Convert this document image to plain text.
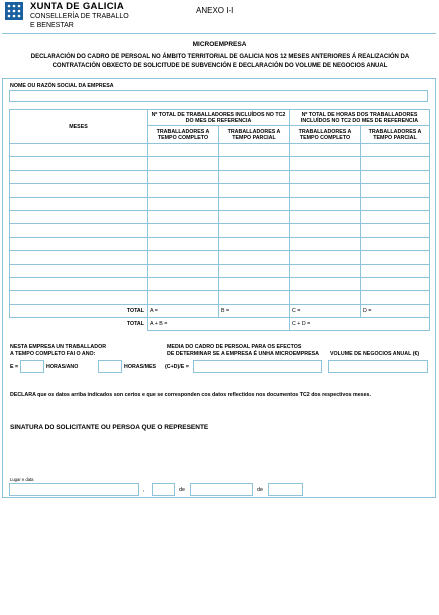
XUNTA DE GALICIA
CONSELLERÍA DE TRABALLO
E BENESTAR
ANEXO I-I
MICROEMPRESA
DECLARACIÓN DO CADRO DE PERSOAL NO ÁMBITO TERRITORIAL DE GALICIA NOS 12 MESES ANTERIORES Á REALIZACIÓN DA CONTRATACIÓN OBXECTO DE SOLICITUDE DE SUBVENCIÓN E DECLARACIÓN DO VOLUME DE NEGOCIOS ANUAL
NOME OU RAZÓN SOCIAL DA EMPRESA
MESES	Nº TOTAL DE TRABALLADORES INCLUÍDOS NO TC2 DO MES DE REFERENCIA		Nº TOTAL DE HORAS DOS TRABALLADORES INCLUÍDOS NO TC2 DO MES DE REFERENCIA	
	TRABALLADORES A TEMPO COMPLETO	TRABALLADORES A TEMPO PARCIAL	TRABALLADORES A TEMPO COMPLETO	TRABALLADORES A TEMPO PARCIAL

TOTAL	A =	B =	C =	D =
TOTAL	A + B =		C + D =	
NESTA EMPRESA UN TRABALLADOR
A TEMPO COMPLETO FAI O ANO:
E =	HORAS/ANO	HORAS/MES
MEDIA DO CADRO DE PERSOAL PARA OS EFECTOS
DE DETERMINAR SE A EMPRESA É UNHA MICROEMPRESA
(C+D)/E =
VOLUME DE NEGOCIOS ANUAL (€)
DECLARA que os datos arriba indicados son certos e que se corresponden cos datos reflectidos nos documentos TC2 dos respectivos meses.
SINATURA DO SOLICITANTE OU PERSOA QUE O REPRESENTE
Lugar e data
,	de	de
